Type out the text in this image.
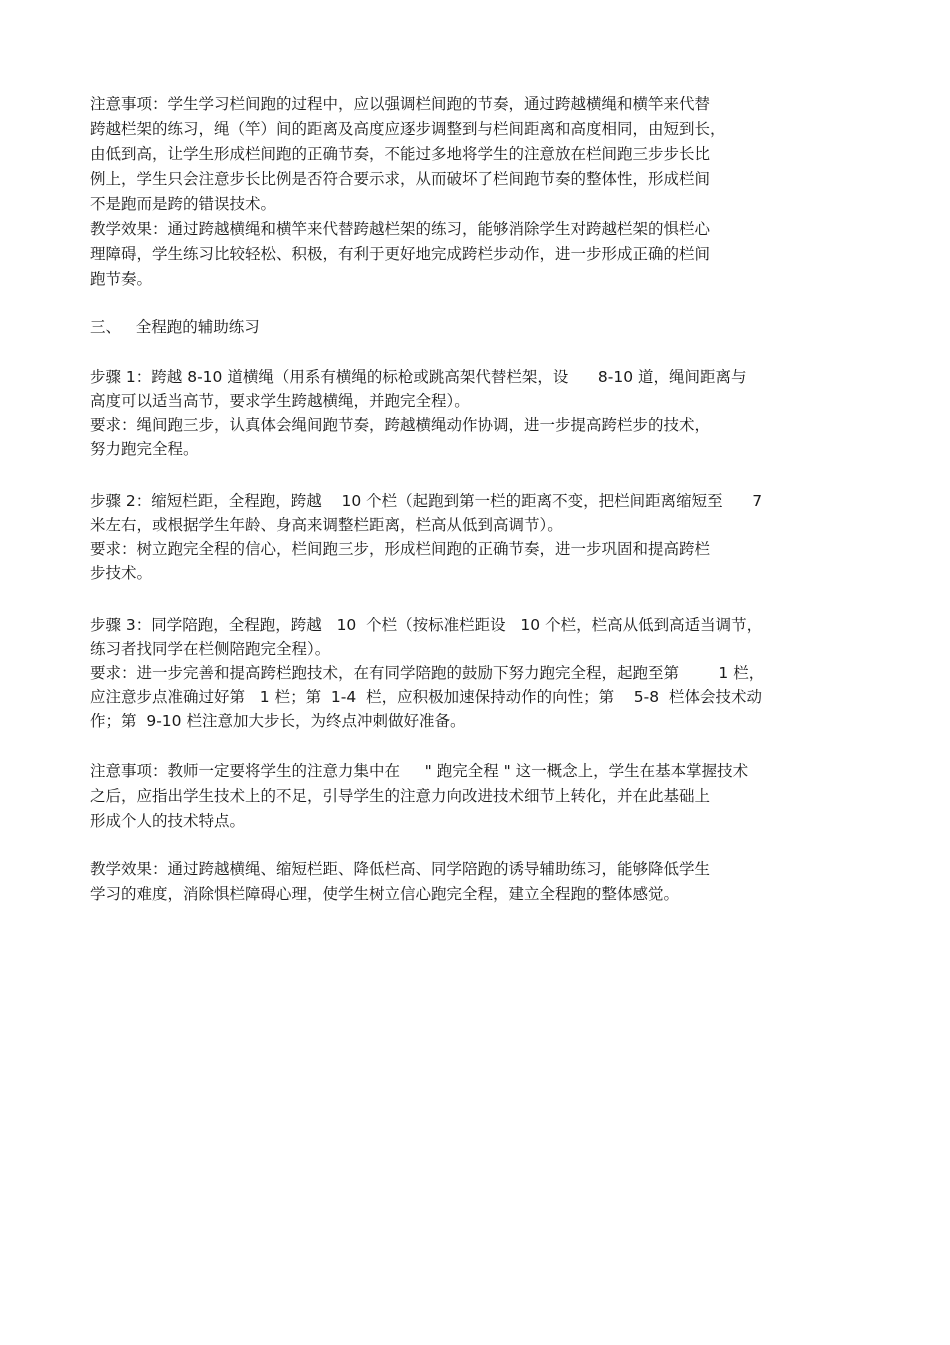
注意事项：学生学习栏间跑的过程中，应以强调栏间跑的节奏，通过跨越横绳和横竿来代替

跨越栏架的练习，绳（竿）间的距离及高度应逐步调整到与栏间距离和高度相同，由短到长，

由低到高，让学生形成栏间跑的正确节奏，不能过多地将学生的注意放在栏间跑三步步长比

例上，学生只会注意步长比例是否符合要示求，从而破坏了栏间跑节奏的整体性，形成栏间

不是跑而是跨的错误技术。

教学效果：通过跨越横绳和横竿来代替跨越栏架的练习，能够消除学生对跨越栏架的惧栏心

理障碍，学生练习比较轻松、积极，有利于更好地完成跨栏步动作，进一步形成正确的栏间

跑节奏。

三、   全程跑的辅助练习

步骤 1：跨越 8-10 道横绳（用系有横绳的标枪或跳高架代替栏架，设      8-10 道，绳间距离与

高度可以适当高节，要求学生跨越横绳，并跑完全程）。

要求：绳间跑三步，认真体会绳间跑节奏，跨越横绳动作协调，进一步提高跨栏步的技术，

努力跑完全程。

步骤 2：缩短栏距，全程跑，跨越    10 个栏（起跑到第一栏的距离不变，把栏间距离缩短至      7

米左右，或根据学生年龄、身高来调整栏距离，栏高从低到高调节）。

要求：树立跑完全程的信心，栏间跑三步，形成栏间跑的正确节奏，进一步巩固和提高跨栏

步技术。

步骤 3：同学陪跑，全程跑，跨越   10  个栏（按标准栏距设   10 个栏，栏高从低到高适当调节，

练习者找同学在栏侧陪跑完全程）。

要求：进一步完善和提高跨栏跑技术，在有同学陪跑的鼓励下努力跑完全程，起跑至第        1 栏，

应注意步点准确过好第   1 栏；第  1-4  栏，应积极加速保持动作的向性；第    5-8  栏体会技术动

作；第  9-10 栏注意加大步长，为终点冲刺做好准备。

注意事项：教师一定要将学生的注意力集中在     " 跑完全程 " 这一概念上，学生在基本掌握技术

之后，应指出学生技术上的不足，引导学生的注意力向改进技术细节上转化，并在此基础上

形成个人的技术特点。

教学效果：通过跨越横绳、缩短栏距、降低栏高、同学陪跑的诱导辅助练习，能够降低学生

学习的难度，消除惧栏障碍心理，使学生树立信心跑完全程，建立全程跑的整体感觉。
